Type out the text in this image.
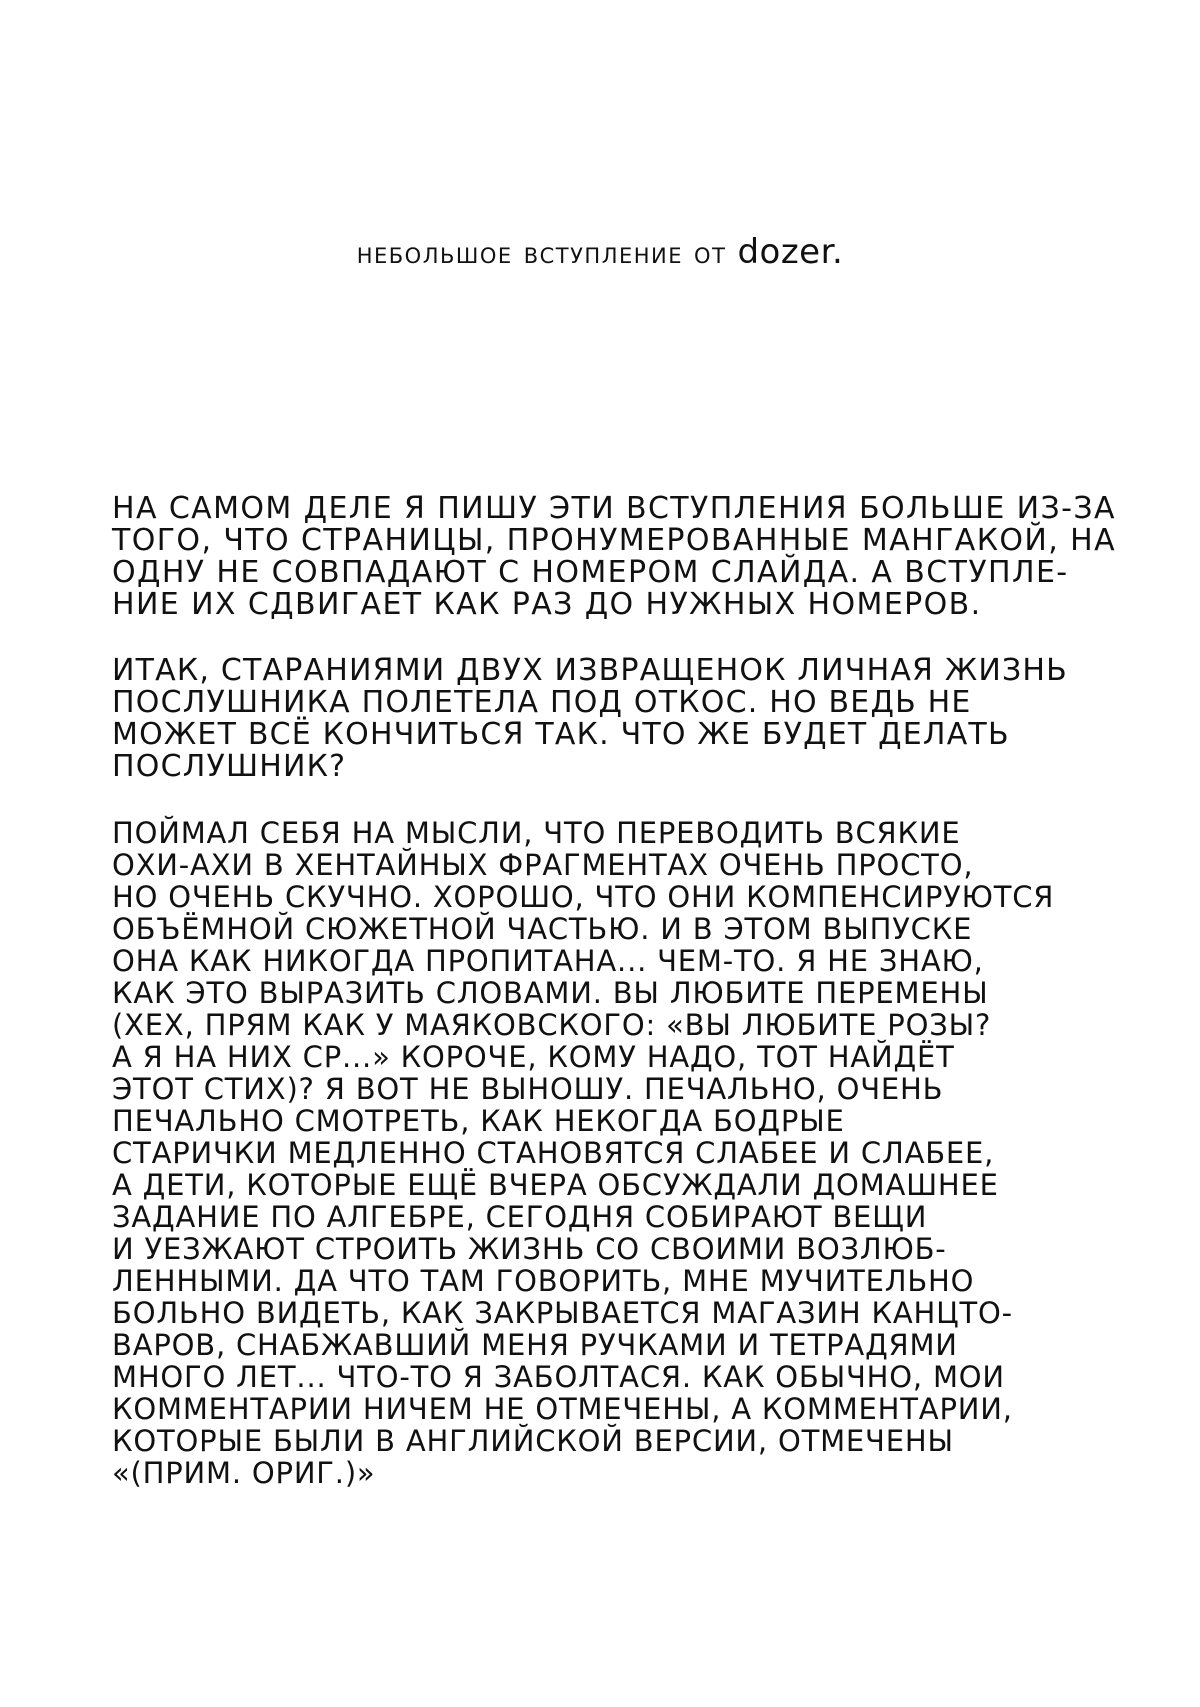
небольшое вступление от dozer.
НА САМОМ ДЕЛЕ Я ПИШУ ЭТИ ВСТУПЛЕНИЯ БОЛЬШЕ ИЗ-ЗА
ТОГО, ЧТО СТРАНИЦЫ, ПРОНУМЕРОВАННЫЕ МАНГАКОЙ, НА
ОДНУ НЕ СОВПАДАЮТ С НОМЕРОМ СЛАЙДА. А ВСТУПЛЕ-
НИЕ ИХ СДВИГАЕТ КАК РАЗ ДО НУЖНЫХ НОМЕРОВ.
ИТАК, СТАРАНИЯМИ ДВУХ ИЗВРАЩЕНОК ЛИЧНАЯ ЖИЗНЬ
ПОСЛУШНИКА ПОЛЕТЕЛА ПОД ОТКОС. НО ВЕДЬ НЕ
МОЖЕТ ВСЁ КОНЧИТЬСЯ ТАК. ЧТО ЖЕ БУДЕТ ДЕЛАТЬ
ПОСЛУШНИК?
ПОЙМАЛ СЕБЯ НА МЫСЛИ, ЧТО ПЕРЕВОДИТЬ ВСЯКИЕ
ОХИ-АХИ В ХЕНТАЙНЫХ ФРАГМЕНТАХ ОЧЕНЬ ПРОСТО,
НО ОЧЕНЬ СКУЧНО. ХОРОШО, ЧТО ОНИ КОМПЕНСИРУЮТСЯ
ОБЪЁМНОЙ СЮЖЕТНОЙ ЧАСТЬЮ. И В ЭТОМ ВЫПУСКЕ
ОНА КАК НИКОГДА ПРОПИТАНА... ЧЕМ-ТО. Я НЕ ЗНАЮ,
КАК ЭТО ВЫРАЗИТЬ СЛОВАМИ. ВЫ ЛЮБИТЕ ПЕРЕМЕНЫ
(ХЕХ, ПРЯМ КАК У МАЯКОВСКОГО: «ВЫ ЛЮБИТЕ РОЗЫ?
А Я НА НИХ СР...» КОРОЧЕ, КОМУ НАДО, ТОТ НАЙДЁТ
ЭТОТ СТИХ)? Я ВОТ НЕ ВЫНОШУ. ПЕЧАЛЬНО, ОЧЕНЬ
ПЕЧАЛЬНО СМОТРЕТЬ, КАК НЕКОГДА БОДРЫЕ
СТАРИЧКИ МЕДЛЕННО СТАНОВЯТСЯ СЛАБЕЕ И СЛАБЕЕ,
А ДЕТИ, КОТОРЫЕ ЕЩЁ ВЧЕРА ОБСУЖДАЛИ ДОМАШНЕЕ
ЗАДАНИЕ ПО АЛГЕБРЕ, СЕГОДНЯ СОБИРАЮТ ВЕЩИ
И УЕЗЖАЮТ СТРОИТЬ ЖИЗНЬ СО СВОИМИ ВОЗЛЮБ-
ЛЕННЫМИ. ДА ЧТО ТАМ ГОВОРИТЬ, МНЕ МУЧИТЕЛЬНО
БОЛЬНО ВИДЕТЬ, КАК ЗАКРЫВАЕТСЯ МАГАЗИН КАНЦТО-
ВАРОВ, СНАБЖАВШИЙ МЕНЯ РУЧКАМИ И ТЕТРАДЯМИ
МНОГО ЛЕТ... ЧТО-ТО Я ЗАБОЛТАСЯ. КАК ОБЫЧНО, МОИ
КОММЕНТАРИИ НИЧЕМ НЕ ОТМЕЧЕНЫ, А КОММЕНТАРИИ,
КОТОРЫЕ БЫЛИ В АНГЛИЙСКОЙ ВЕРСИИ, ОТМЕЧЕНЫ
«(ПРИМ. ОРИГ.)»
